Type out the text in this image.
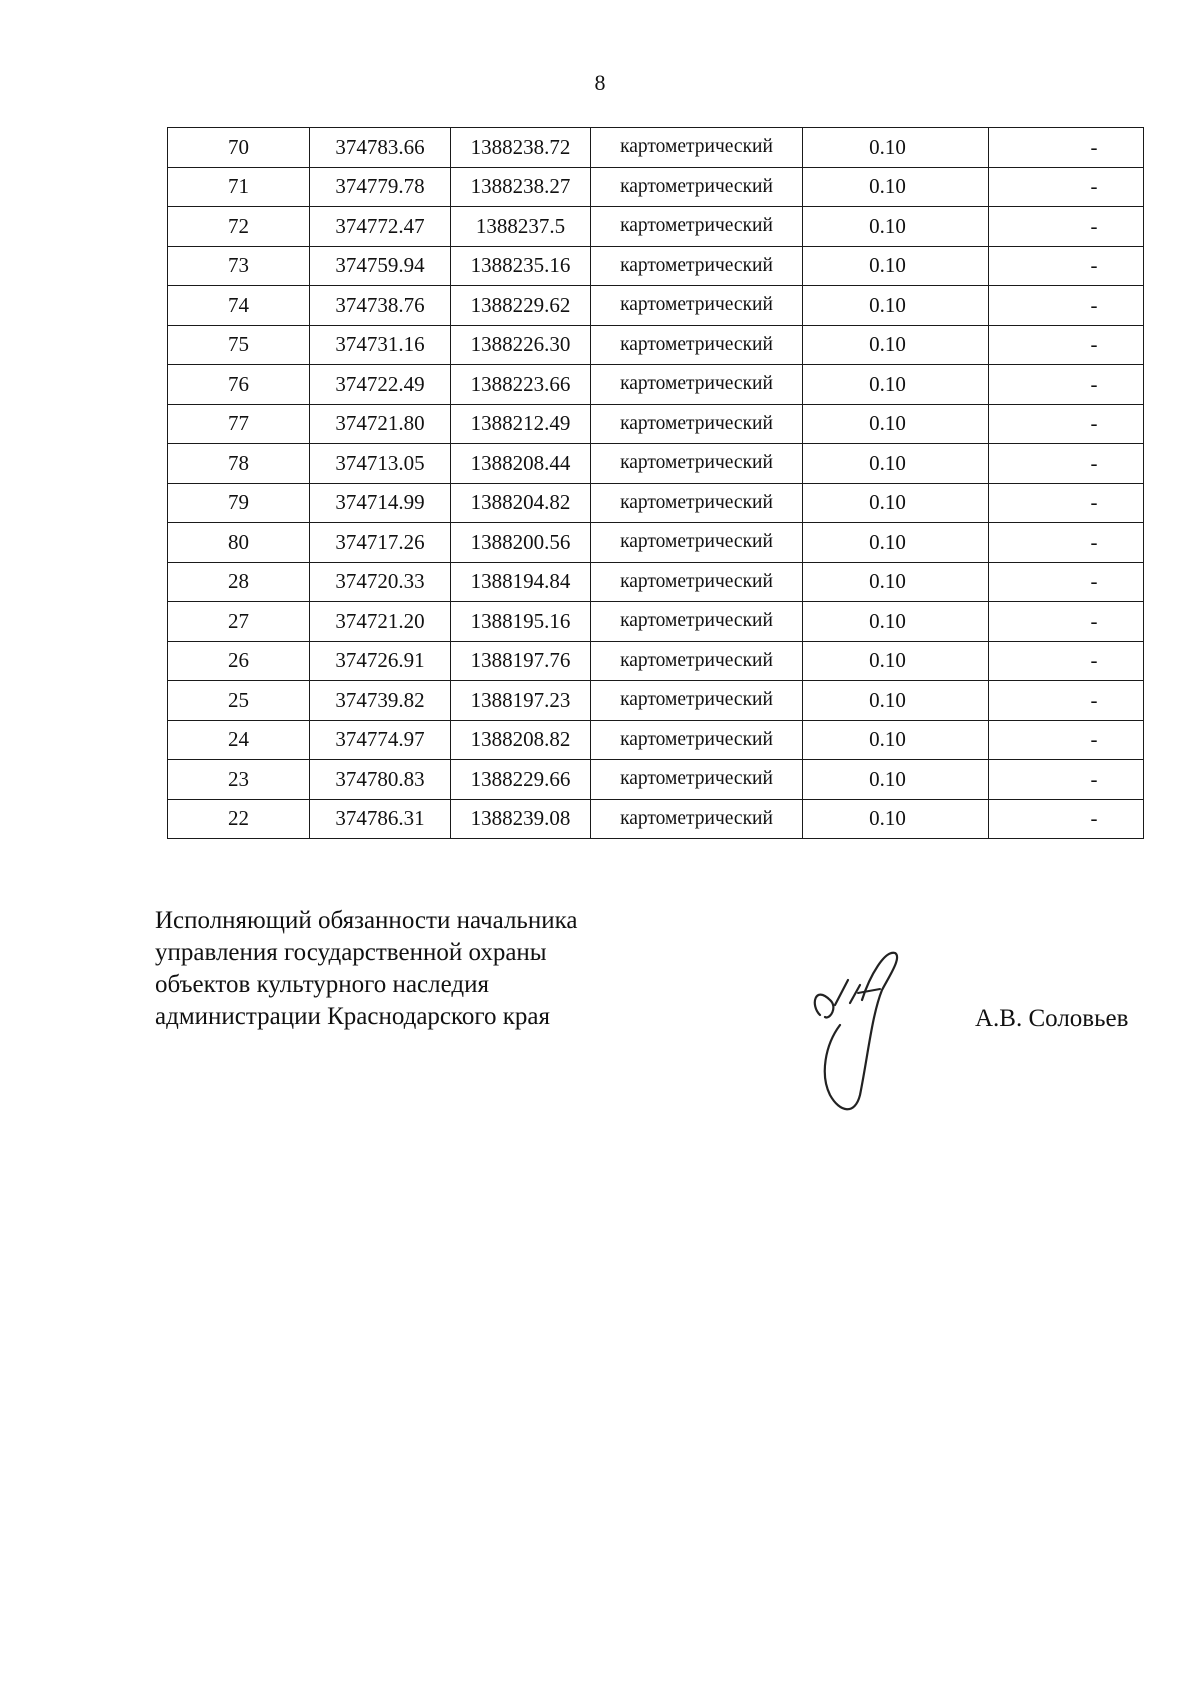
8
70	374783.66	1388238.72	картометрический	0.10	-
71	374779.78	1388238.27	картометрический	0.10	-
72	374772.47	1388237.5	картометрический	0.10	-
73	374759.94	1388235.16	картометрический	0.10	-
74	374738.76	1388229.62	картометрический	0.10	-
75	374731.16	1388226.30	картометрический	0.10	-
76	374722.49	1388223.66	картометрический	0.10	-
77	374721.80	1388212.49	картометрический	0.10	-
78	374713.05	1388208.44	картометрический	0.10	-
79	374714.99	1388204.82	картометрический	0.10	-
80	374717.26	1388200.56	картометрический	0.10	-
28	374720.33	1388194.84	картометрический	0.10	-
27	374721.20	1388195.16	картометрический	0.10	-
26	374726.91	1388197.76	картометрический	0.10	-
25	374739.82	1388197.23	картометрический	0.10	-
24	374774.97	1388208.82	картометрический	0.10	-
23	374780.83	1388229.66	картометрический	0.10	-
22	374786.31	1388239.08	картометрический	0.10	-
Исполняющий обязанности начальника
управления государственной охраны
объектов культурного наследия
администрации Краснодарского края	А.В. Соловьев
